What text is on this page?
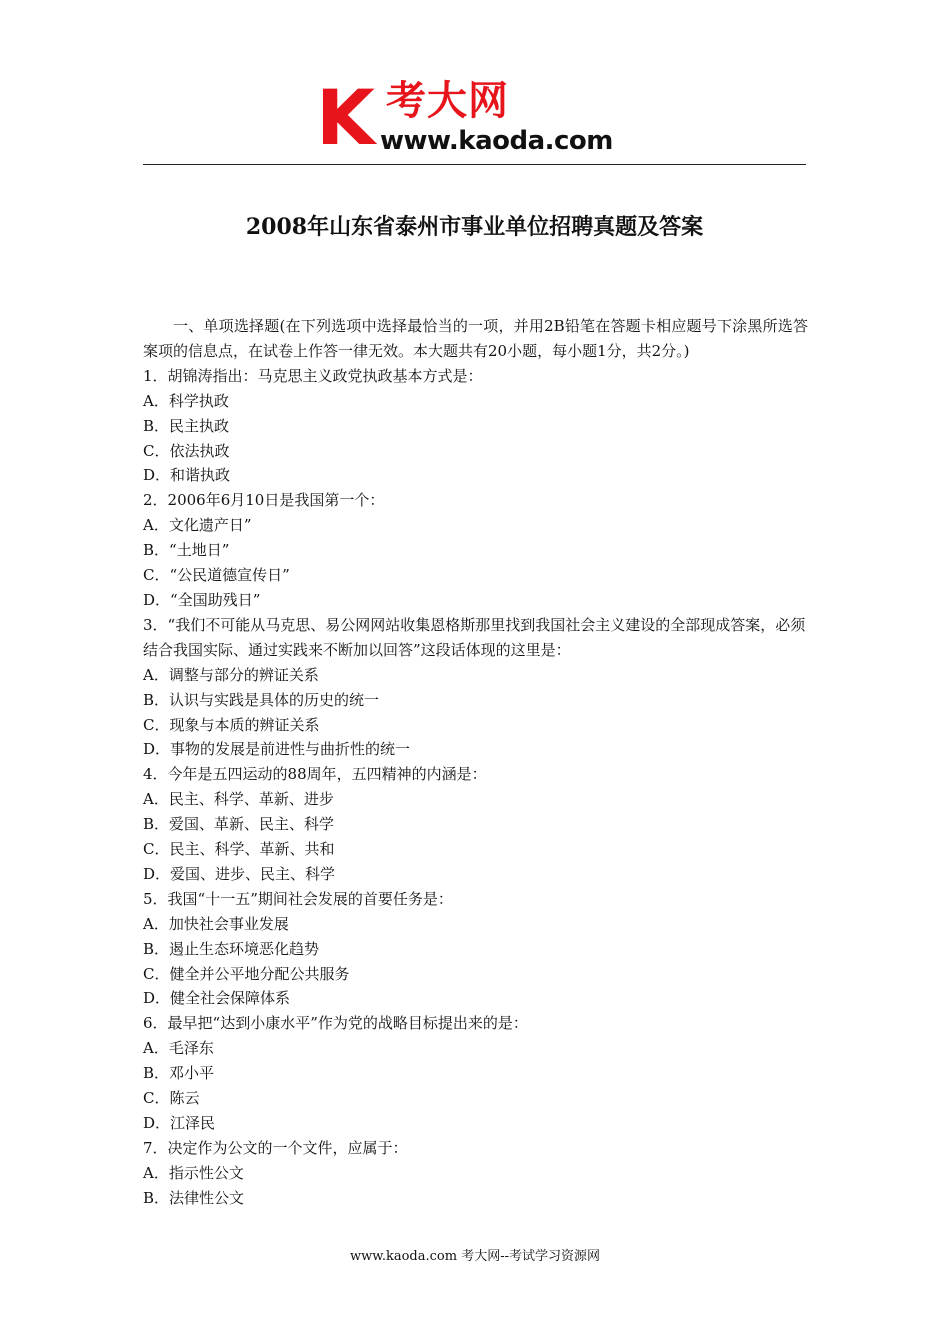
K 考大网
www.kaoda.com
2008年山东省泰州市事业单位招聘真题及答案

一、单项选择题(在下列选项中选择最恰当的一项，并用2B铅笔在答题卡相应题号下涂黑所选答案项的信息点，在试卷上作答一律无效。本大题共有20小题，每小题1分，共2分。)

1．胡锦涛指出：马克思主义政党执政基本方式是：

A．科学执政

B．民主执政

C．依法执政

D．和谐执政

2．2006年6月10日是我国第一个：

A．文化遗产日”

B．“土地日”

C．“公民道德宣传日”

D．“全国助残日”

3．“我们不可能从马克思、易公网网站收集恩格斯那里找到我国社会主义建设的全部现成答案，必须结合我国实际、通过实践来不断加以回答”这段话体现的这里是：

A．调整与部分的辨证关系

B．认识与实践是具体的历史的统一

C．现象与本质的辨证关系

D．事物的发展是前进性与曲折性的统一

4．今年是五四运动的88周年，五四精神的内涵是：

A．民主、科学、革新、进步

B．爱国、革新、民主、科学

C．民主、科学、革新、共和

D．爱国、进步、民主、科学

5．我国“十一五”期间社会发展的首要任务是：

A．加快社会事业发展

B．遏止生态环境恶化趋势

C．健全并公平地分配公共服务

D．健全社会保障体系

6．最早把“达到小康水平”作为党的战略目标提出来的是：

A．毛泽东

B．邓小平

C．陈云

D．江泽民

7．决定作为公文的一个文件，应属于：

A．指示性公文

B．法律性公文

www.kaoda.com 考大网--考试学习资源网
